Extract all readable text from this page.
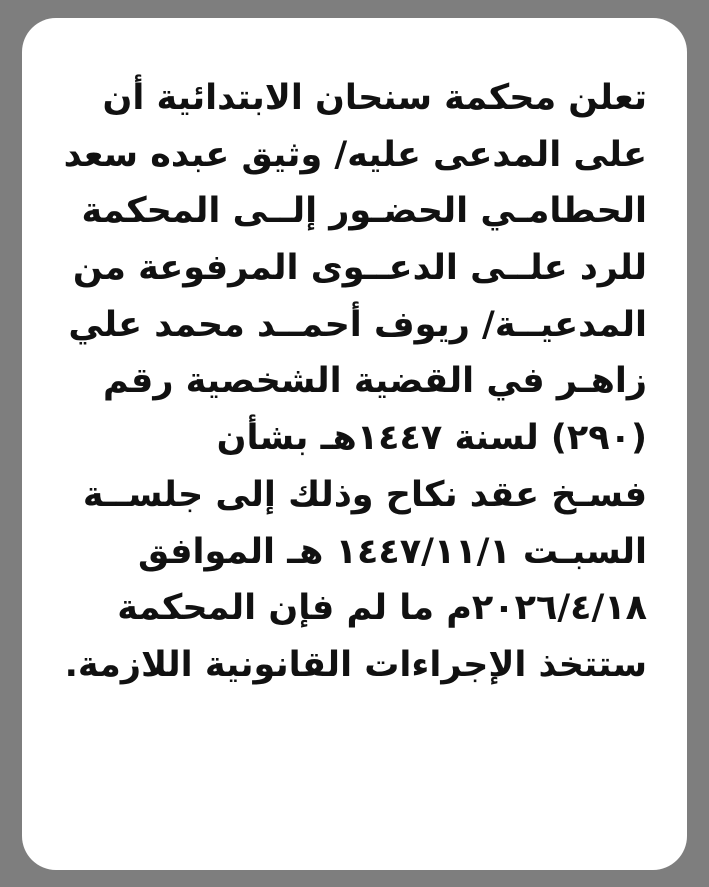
تعلن محكمة سنحان الابتدائية أن
على المدعى عليه/ وثيق عبده سعد
الحطامـي الحضـور إلــى المحكمة
للرد علــى الدعــوى المرفوعة من
المدعيــة/ ريوف أحمــد محمد علي
زاهـر في القضية الشخصية رقم
(٢٩٠) لسنة ١٤٤٧هـ بشأن
فسـخ عقد نكاح وذلك إلى جلســة
السبـت ١٤٤٧/١١/١ هـ الموافق
٢٠٢٦/٤/١٨م ما لم فإن المحكمة
ستتخذ الإجراءات القانونية اللازمة.
